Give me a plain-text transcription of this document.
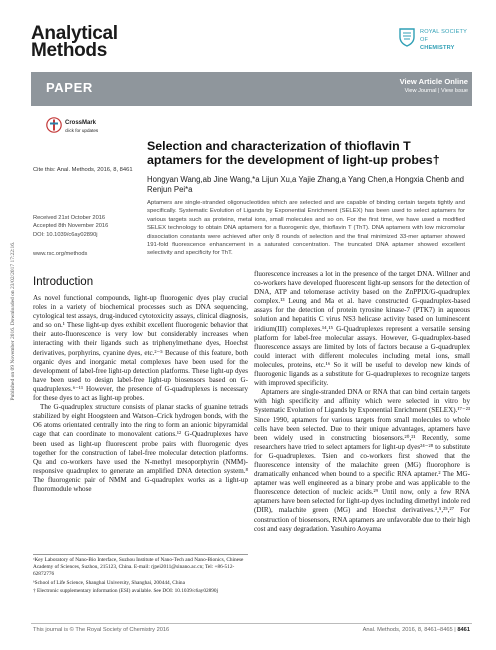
Analytical
Methods
ROYAL SOCIETY
OF
CHEMISTRY
PAPER	View Article Online
View Journal | View Issue
CrossMark
click for updates
Cite this: Anal. Methods, 2016, 8, 8461
Selection and characterization of thioflavin T
aptamers for the development of light-up probes†
Hongyan Wang,ab Jine Wang,*a Lijun Xu,a Yajie Zhang,a Yang Chen,a Hongxia Chenb and Renjun Pei*a
Aptamers are single-stranded oligonucleotides which are selected and are capable of binding certain targets tightly and specifically. Systematic Evolution of Ligands by Exponential Enrichment (SELEX) has been used to select aptamers for various targets such as proteins, metal ions, small molecules and so on. For the first time, we have used a modified SELEX technology to obtain DNA aptamers for a fluorogenic dye, thioflavin T (ThT). DNA aptamers with low micromolar dissociation constants were achieved after only 8 rounds of selection and the final minimized 33-mer aptamer showed 191-fold fluorescence enhancement in a saturated concentration. The truncated DNA aptamer showed excellent selectivity and specificity for ThT.
Received 21st October 2016
Accepted 8th November 2016
DOI: 10.1039/c6ay02890j
www.rsc.org/methods
Published on 09 November 2016. Downloaded on 23/02/2017 17:22:16. Introduction

As novel functional compounds, light-up fluorogenic dyes play crucial roles in a variety of biochemical processes such as DNA sequencing, cytological test assays, drug-induced cytotoxicity assays, clinical diagnosis, and so on.¹ These light-up dyes exhibit excellent fluorogenic behavior that their auto-fluorescence is very low but considerably increases when interacting with their ligands such as triphenylmethane dyes, Hoechst derivatives, porphyrins, cyanine dyes, etc.²⁻⁵ Because of this feature, both organic dyes and inorganic metal complexes have been used for the development of label-free light-up detection platforms. These light-up dyes have been used to design label-free light-up biosensors based on G-quadruplexes.⁶⁻¹¹ However, the presence of G-quadruplexes is necessary for these dyes to act as light-up probes.

The G-quadruplex structure consists of planar stacks of guanine tetrads stabilized by eight Hoogsteen and Watson–Crick hydrogen bonds, with the O6 atoms orientated centrally into the ring to form an anionic bipyramidal cage that can coordinate to monovalent cations.¹² G-Quadruplexes have been used as light-up fluorescent probe pairs with fluorogenic dyes together for the construction of label-free molecular detection platforms. Qu and co-workers have used the N-methyl mesoporphyrin (NMM)-responsive quadruplex to generate an amplified DNA detection system.⁸ The fluorogenic pair of NMM and G-quadruplex works as a light-up fluoromodule whose

ᵃKey Laboratory of Nano-Bio Interface, Suzhou Institute of Nano-Tech and Nano-Bionics, Chinese Academy of Sciences, Suzhou, 215123, China. E-mail: rjpei2011@sinano.ac.cn; Tel: +86-512-62872776

ᵇSchool of Life Science, Shanghai University, Shanghai, 200444, China

† Electronic supplementary information (ESI) available. See DOI: 10.1039/c6ay02890j

fluorescence increases a lot in the presence of the target DNA. Willner and co-workers have developed fluorescent light-up sensors for the detection of DNA, ATP and telomerase activity based on the ZnPPIX/G-quadruplex complex.¹³ Leung and Ma et al. have constructed G-quadruplex-based assays for the detection of protein tyrosine kinase-7 (PTK7) in aqueous solution and hepatitis C virus NS3 helicase activity based on luminescent iridium(III) complexes.¹⁴,¹⁵ G-Quadruplexes represent a versatile sensing platform for label-free molecular assays. However, G-quadruplex-based fluorescence assays are limited by lots of factors because a G-quadruplex could interact with different molecules including metal ions, small molecules, proteins, etc.¹⁶ So it will be useful to develop new kinds of fluorogenic ligands as a substitute for G-quadruplexes to recognize targets with improved specificity.

Aptamers are single-stranded DNA or RNA that can bind certain targets with high specificity and affinity which were selected in vitro by Systematic Evolution of Ligands by Exponential Enrichment (SELEX).¹⁷⁻²³ Since 1990, aptamers for various targets from small molecules to whole cells have been selected. Due to their unique advantages, aptamers have been widely used in constructing biosensors.²⁰,²¹ Recently, some researchers have tried to select aptamers for light-up dyes²⁴⁻²⁸ to substitute for G-quadruplexes. Tsien and co-workers first showed that the fluorescence intensity of the malachite green (MG) fluorophore is dramatically enhanced when bound to a specific RNA aptamer.² The MG-aptamer was well engineered as a binary probe and was applicable to the fluorescence detection of nucleic acids.²⁹ Until now, only a few RNA aptamers have been selected for light-up dyes including dimethyl indole red (DIR), malachite green (MG) and Hoechst derivatives.³,⁵,²⁵,²⁷ For construction of biosensors, RNA aptamers are unfavorable due to their high cost and easy degradation. Yasuhiro Aoyama

This journal is © The Royal Society of Chemistry 2016	Anal. Methods, 2016, 8, 8461–8465 | 8461
